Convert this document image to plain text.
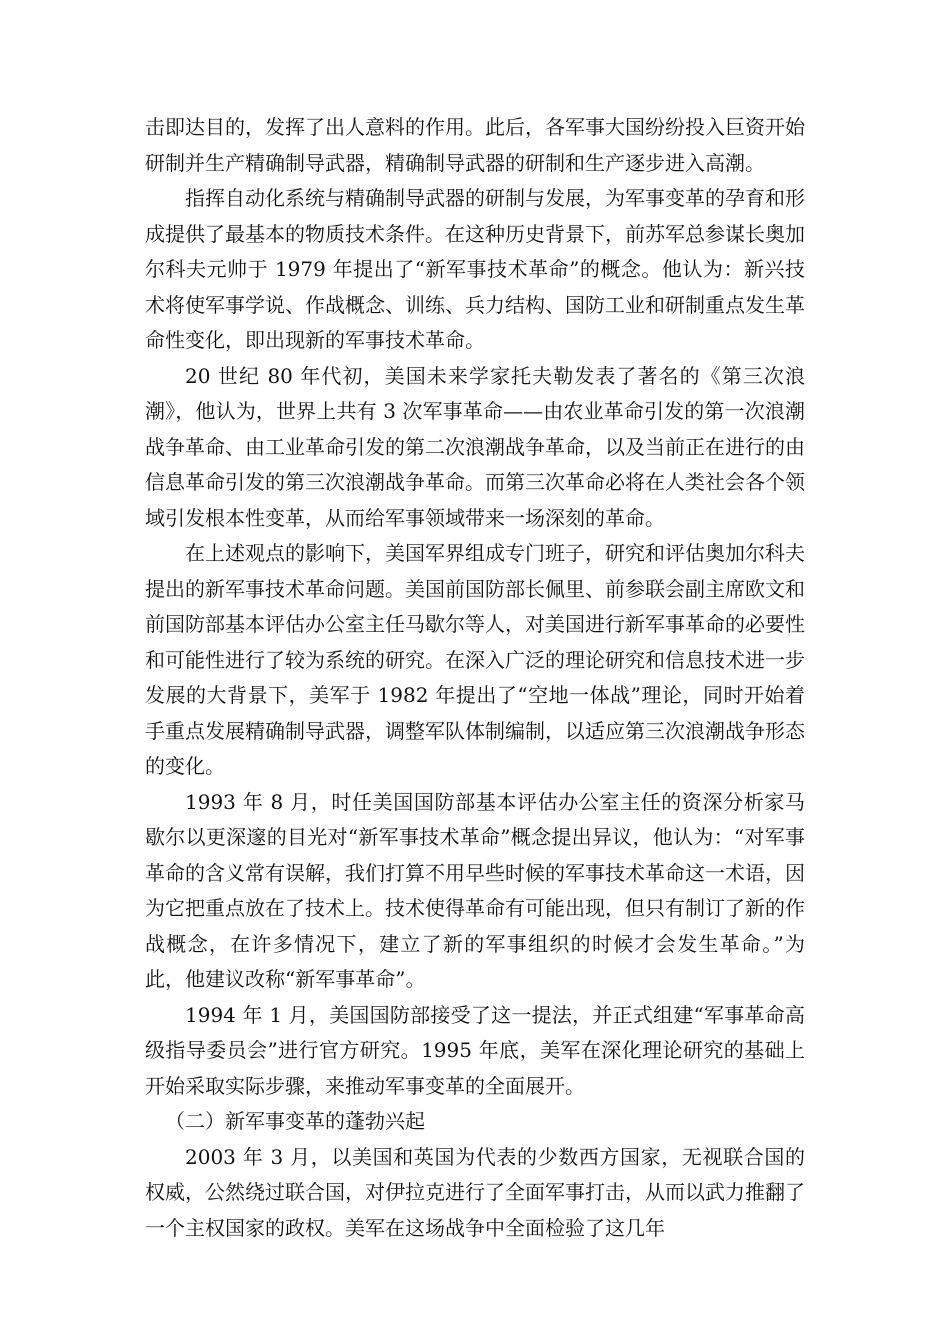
击即达目的，发挥了出人意料的作用。此后，各军事大国纷纷投入巨资开始研制并生产精确制导武器，精确制导武器的研制和生产逐步进入高潮。

指挥自动化系统与精确制导武器的研制与发展，为军事变革的孕育和形成提供了最基本的物质技术条件。在这种历史背景下，前苏军总参谋长奥加尔科夫元帅于 1979 年提出了“新军事技术革命”的概念。他认为：新兴技术将使军事学说、作战概念、训练、兵力结构、国防工业和研制重点发生革命性变化，即出现新的军事技术革命。

20 世纪 80 年代初，美国未来学家托夫勒发表了著名的《第三次浪潮》，他认为，世界上共有 3 次军事革命——由农业革命引发的第一次浪潮战争革命、由工业革命引发的第二次浪潮战争革命，以及当前正在进行的由信息革命引发的第三次浪潮战争革命。而第三次革命必将在人类社会各个领域引发根本性变革，从而给军事领域带来一场深刻的革命。

在上述观点的影响下，美国军界组成专门班子，研究和评估奥加尔科夫提出的新军事技术革命问题。美国前国防部长佩里、前参联会副主席欧文和前国防部基本评估办公室主任马歇尔等人，对美国进行新军事革命的必要性和可能性进行了较为系统的研究。在深入广泛的理论研究和信息技术进一步发展的大背景下，美军于 1982 年提出了“空地一体战”理论，同时开始着手重点发展精确制导武器，调整军队体制编制，以适应第三次浪潮战争形态的变化。

1993 年 8 月，时任美国国防部基本评估办公室主任的资深分析家马歇尔以更深邃的目光对“新军事技术革命”概念提出异议，他认为：“对军事革命的含义常有误解，我们打算不用早些时候的军事技术革命这一术语，因为它把重点放在了技术上。技术使得革命有可能出现，但只有制订了新的作战概念，在许多情况下，建立了新的军事组织的时候才会发生革命。”为此，他建议改称“新军事革命”。

1994 年 1 月，美国国防部接受了这一提法，并正式组建“军事革命高级指导委员会”进行官方研究。1995 年底，美军在深化理论研究的基础上开始采取实际步骤，来推动军事变革的全面展开。

（二）新军事变革的蓬勃兴起

2003 年 3 月，以美国和英国为代表的少数西方国家，无视联合国的权威，公然绕过联合国，对伊拉克进行了全面军事打击，从而以武力推翻了一个主权国家的政权。美军在这场战争中全面检验了这几年
